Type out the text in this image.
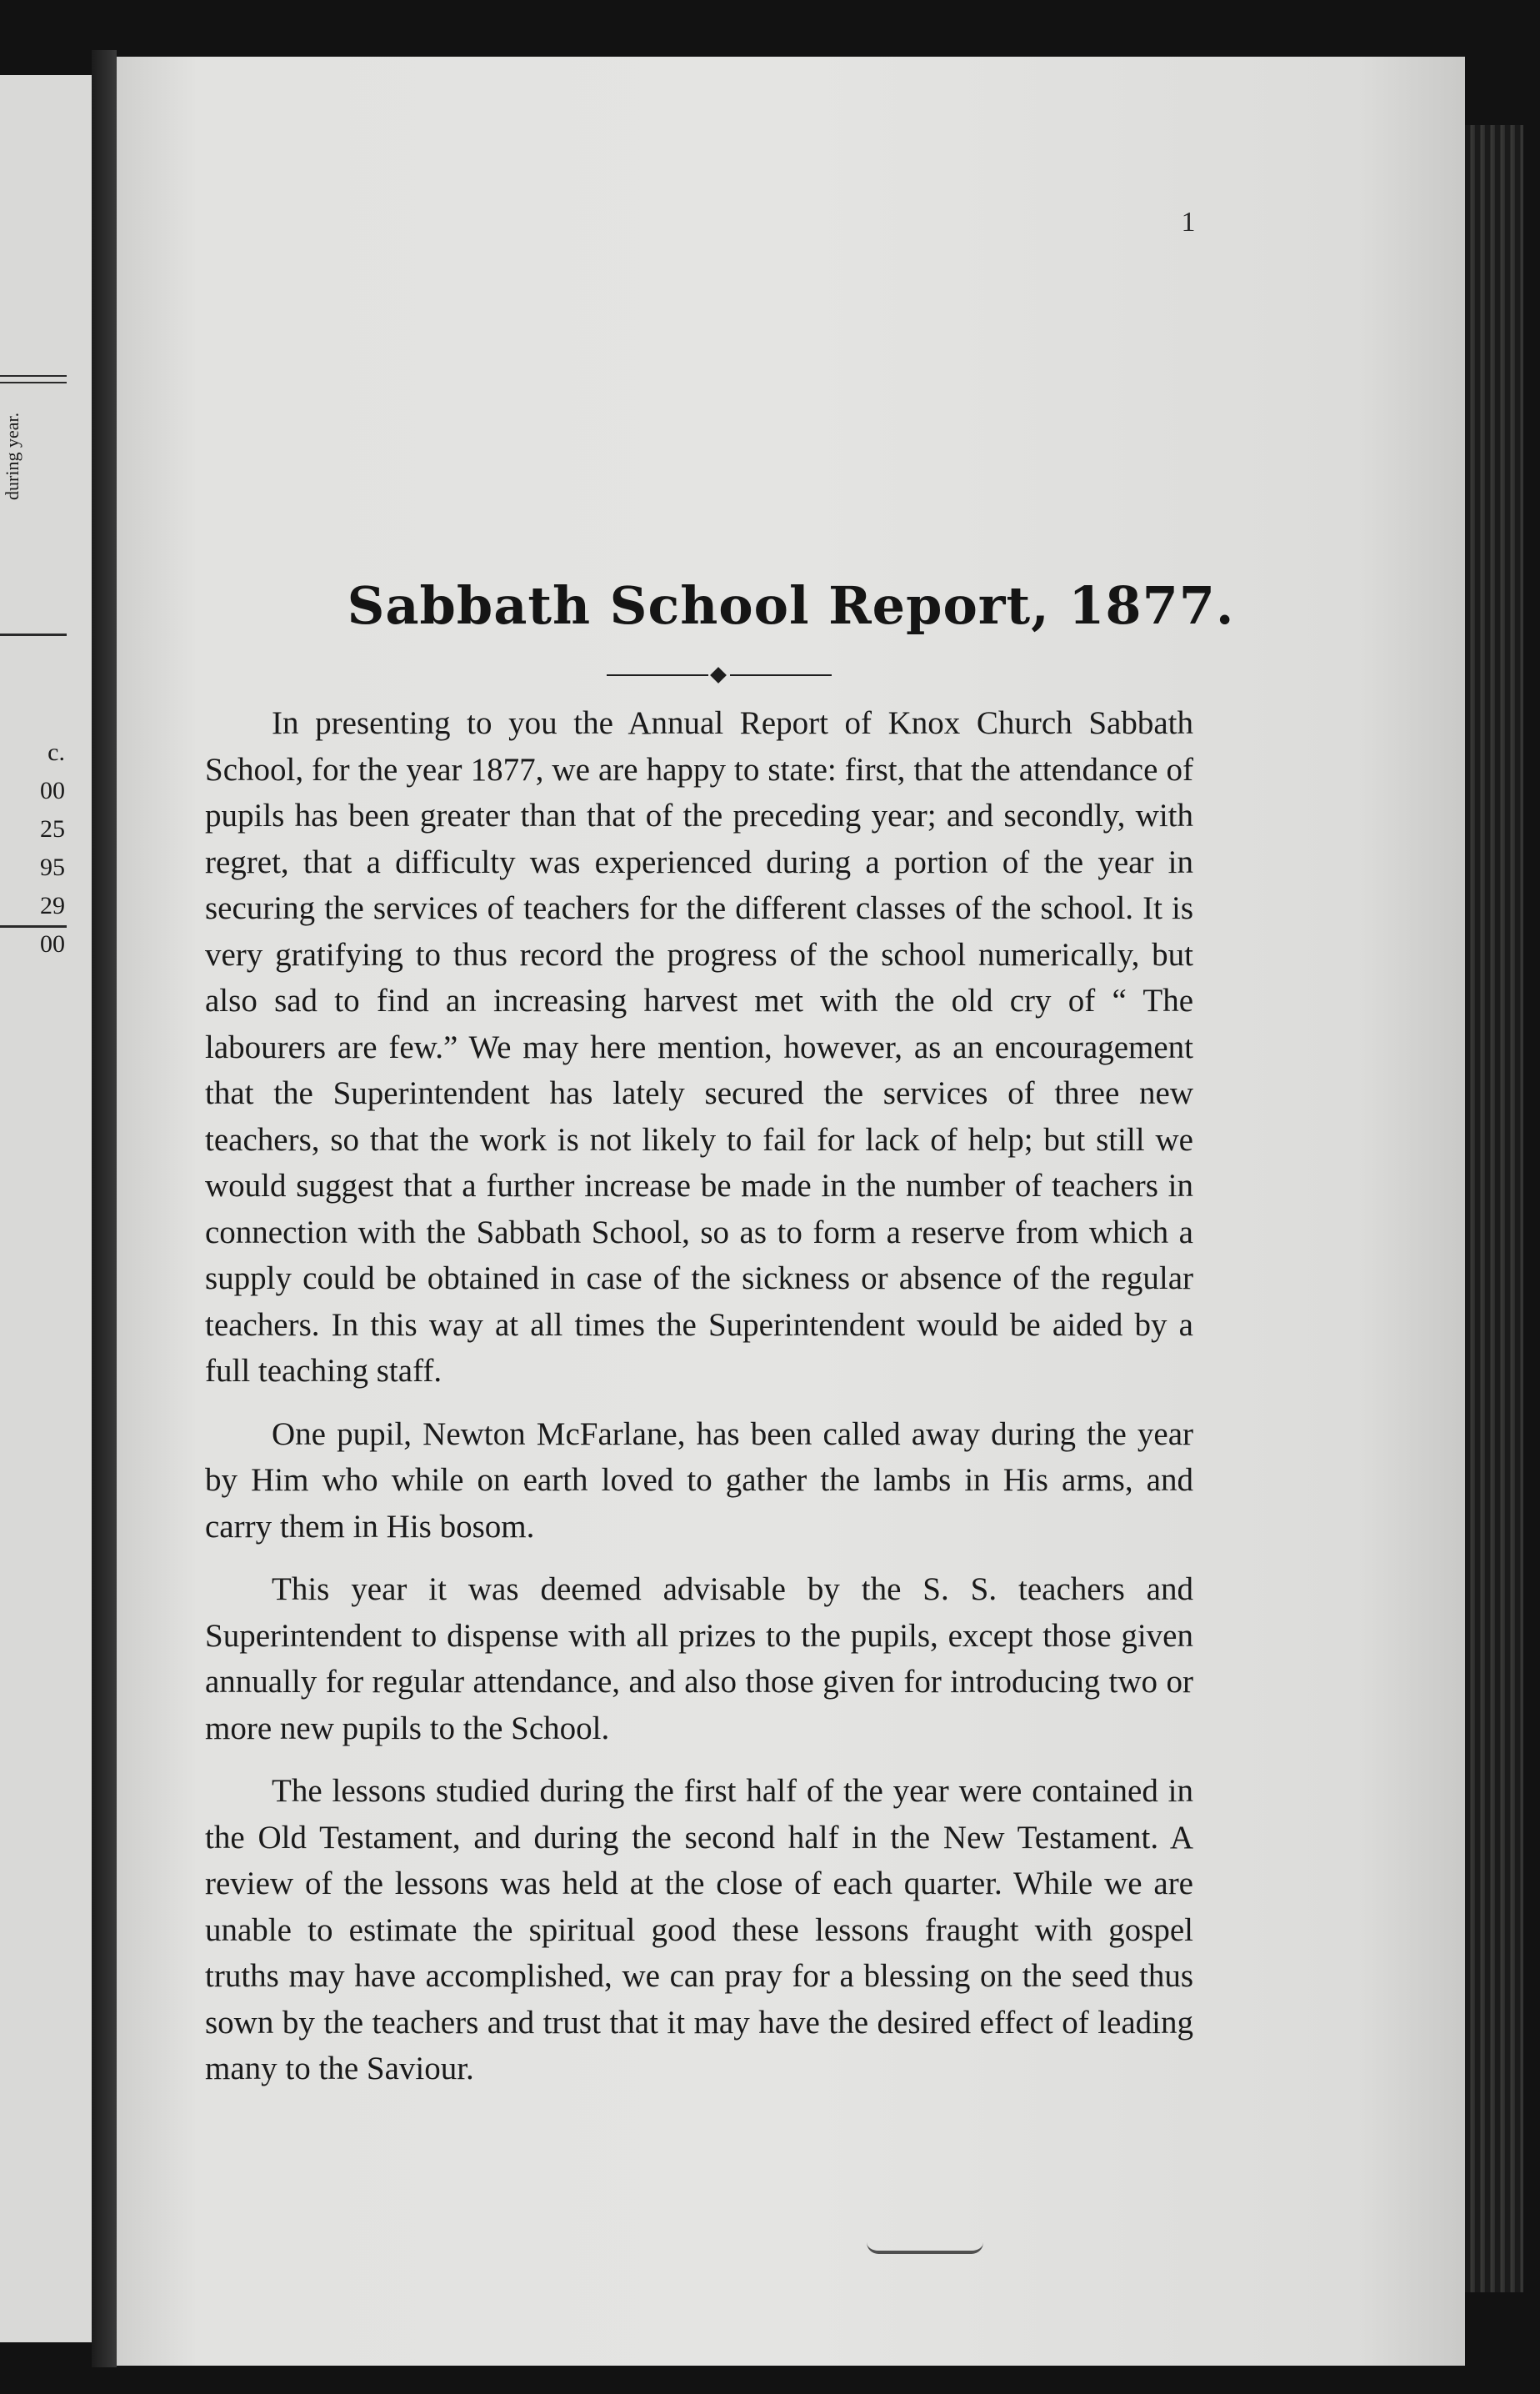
during year.
c.
00
25
95
29
00
1
Sabbath School Report, 1877.

In presenting to you the Annual Report of Knox Church Sabbath School, for the year 1877, we are happy to state: first, that the attendance of pupils has been greater than that of the preceding year; and secondly, with regret, that a difficulty was experienced during a portion of the year in securing the services of teachers for the different classes of the school. It is very gratifying to thus record the progress of the school numerically, but also sad to find an increasing harvest met with the old cry of “ The labourers are few.” We may here mention, however, as an encouragement that the Superintendent has lately secured the services of three new teachers, so that the work is not likely to fail for lack of help; but still we would suggest that a further increase be made in the number of teachers in connection with the Sabbath School, so as to form a reserve from which a supply could be obtained in case of the sickness or absence of the regular teachers. In this way at all times the Superintendent would be aided by a full teaching staff.

One pupil, Newton McFarlane, has been called away during the year by Him who while on earth loved to gather the lambs in His arms, and carry them in His bosom.

This year it was deemed advisable by the S. S. teachers and Superintendent to dispense with all prizes to the pupils, except those given annually for regular attendance, and also those given for introducing two or more new pupils to the School.

The lessons studied during the first half of the year were contained in the Old Testament, and during the second half in the New Testament. A review of the lessons was held at the close of each quarter. While we are unable to estimate the spiritual good these lessons fraught with gospel truths may have accomplished, we can pray for a blessing on the seed thus sown by the teachers and trust that it may have the desired effect of leading many to the Saviour.
